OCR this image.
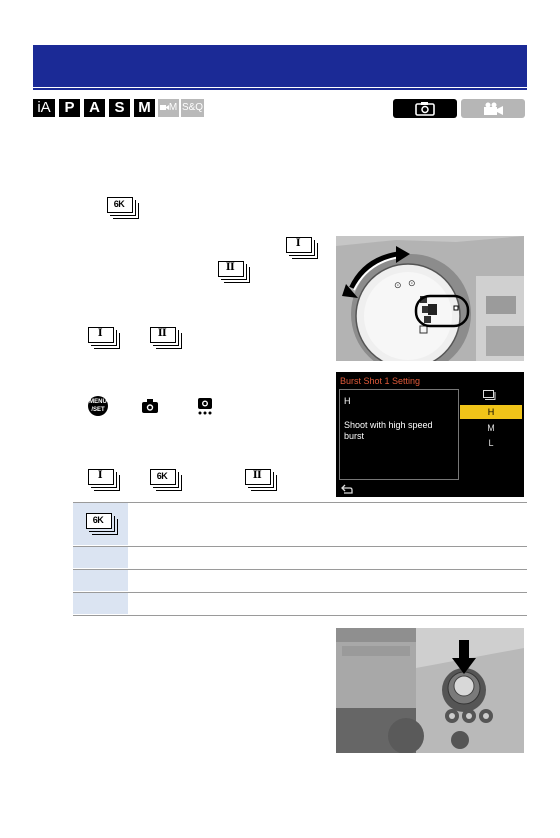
iA P A S M	M S&Q
6K
I
II
I	II
MENU /SET
I	6K	II
⊙ ⊙
Burst Shot 1 Setting
H
Shoot with high speed burst
H
M
L
6K
